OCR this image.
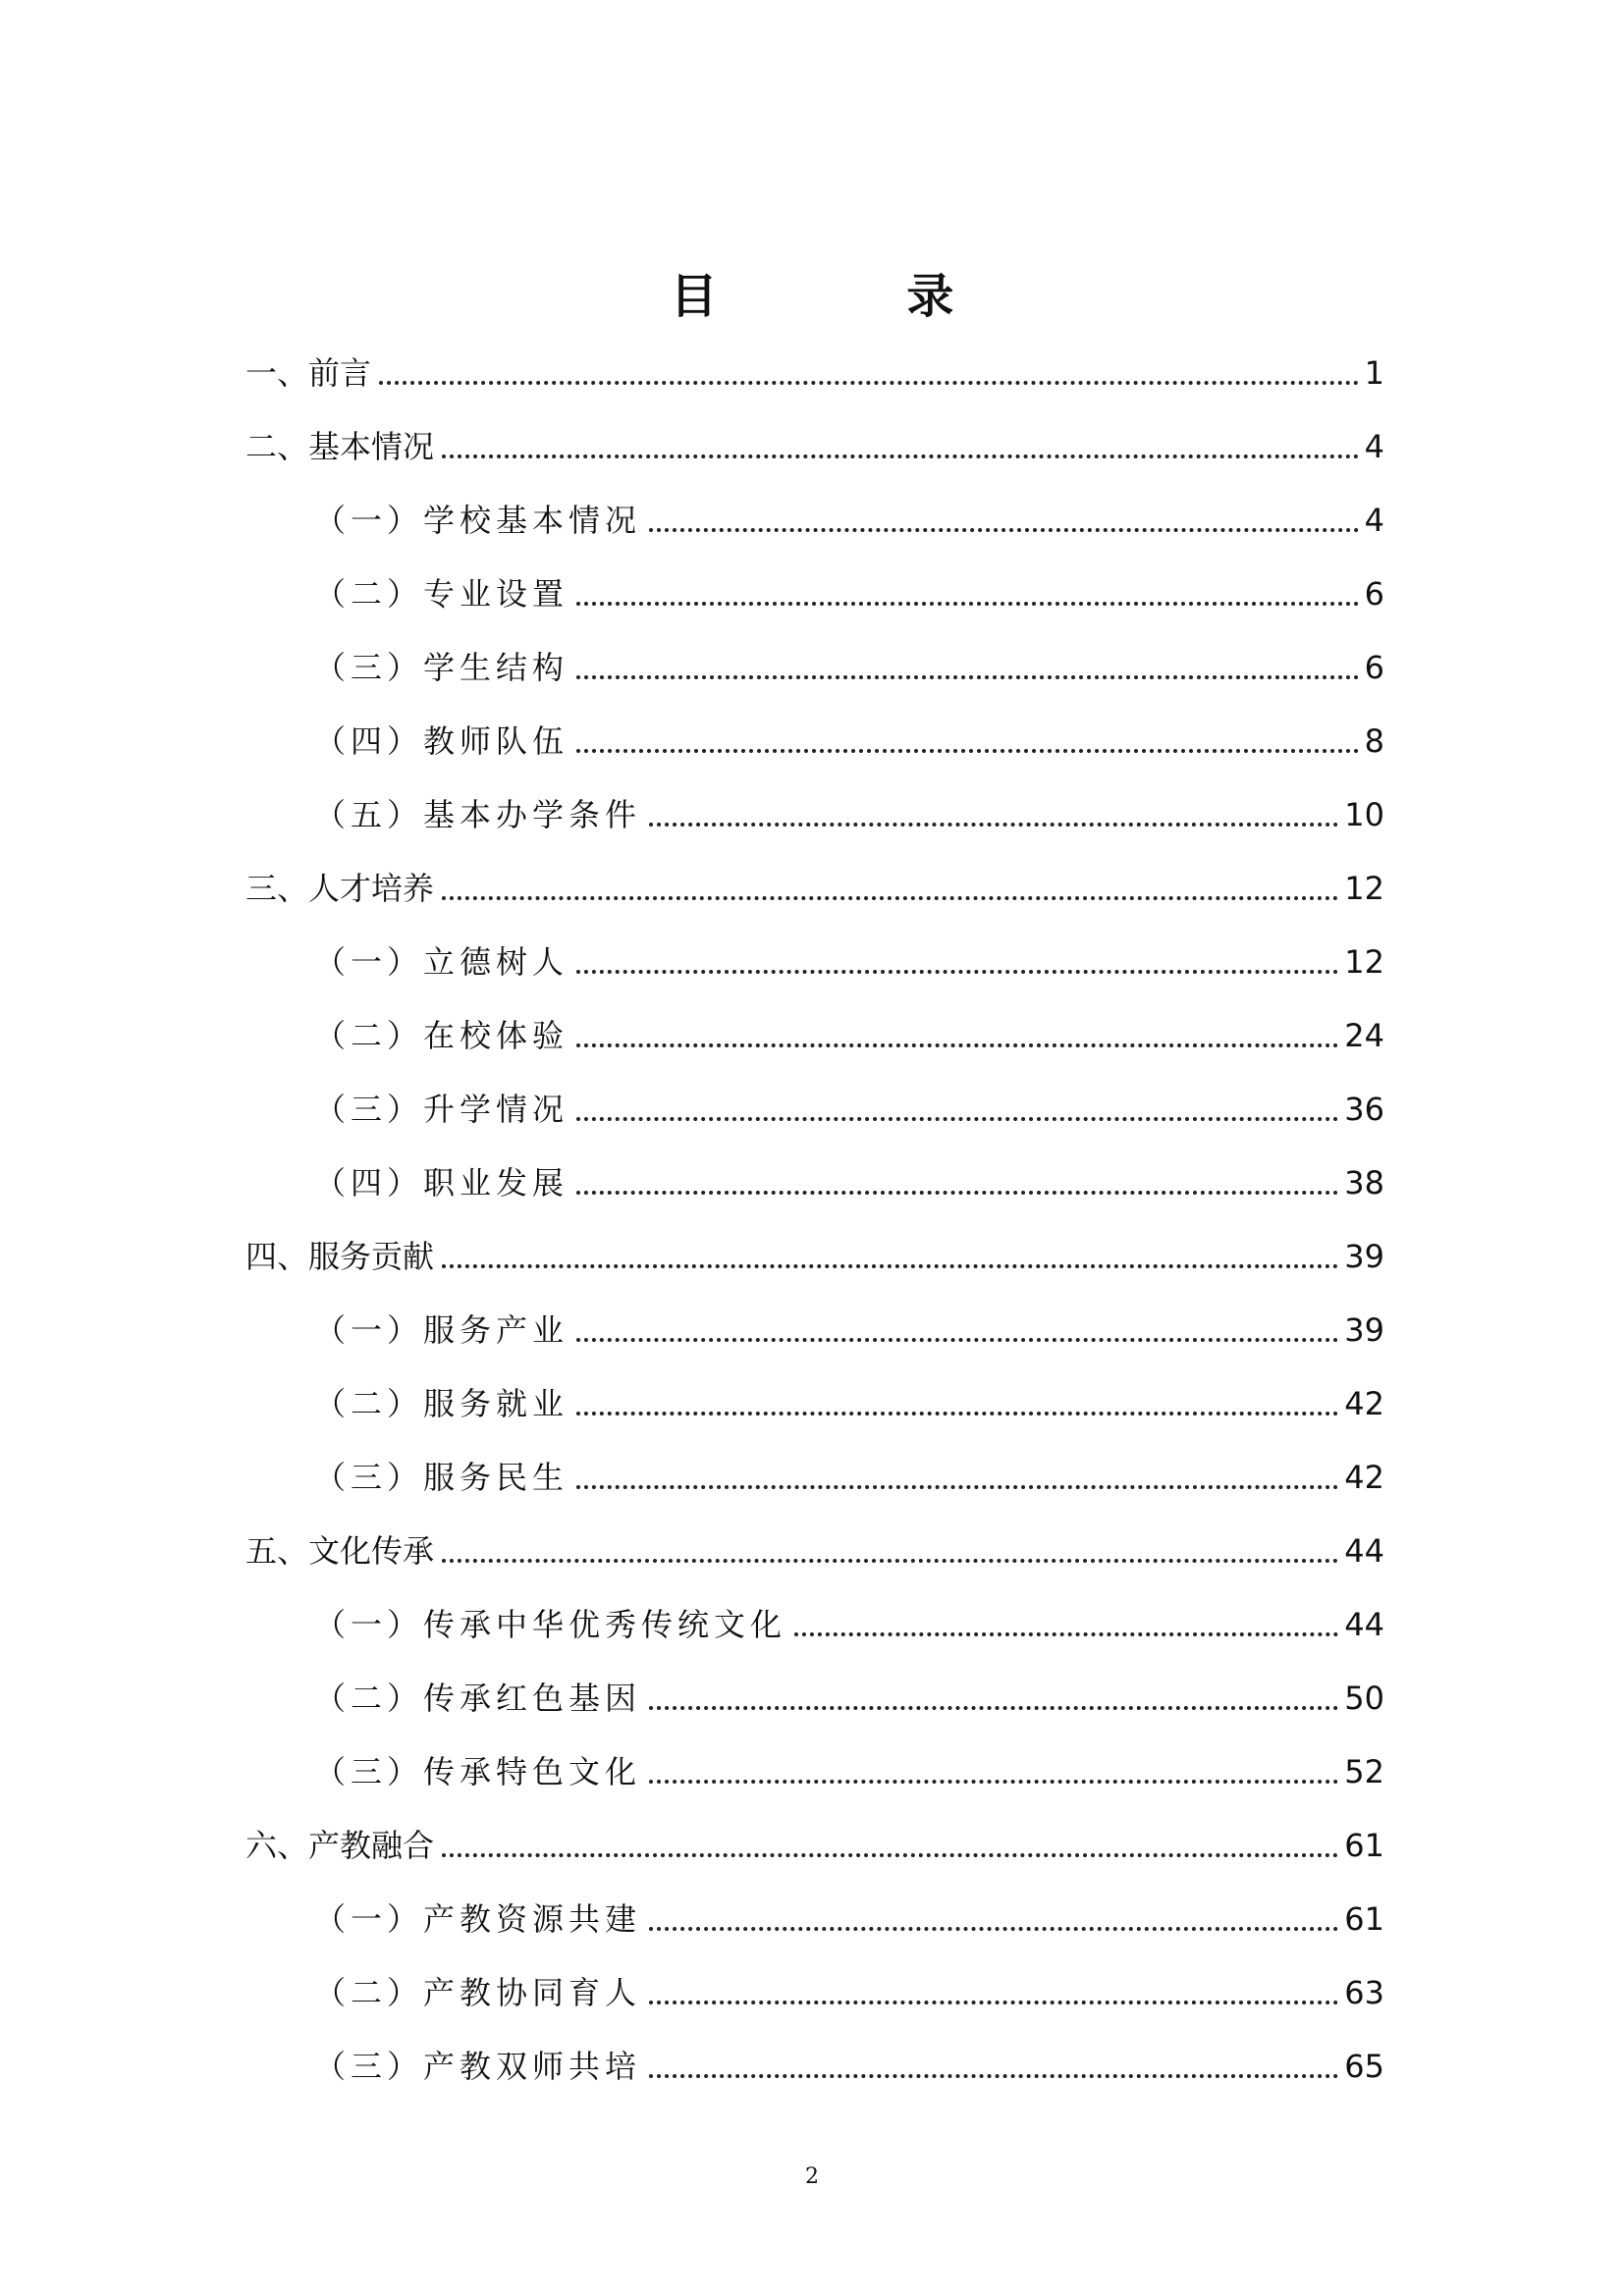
目 录
一、前言	1
二、基本情况	4
（一）学校基本情况	4
（二）专业设置	6
（三）学生结构	6
（四）教师队伍	8
（五）基本办学条件	10
三、人才培养	12
（一）立德树人	12
（二）在校体验	24
（三）升学情况	36
（四）职业发展	38
四、服务贡献	39
（一）服务产业	39
（二）服务就业	42
（三）服务民生	42
五、文化传承	44
（一）传承中华优秀传统文化	44
（二）传承红色基因	50
（三）传承特色文化	52
六、产教融合	61
（一）产教资源共建	61
（二）产教协同育人	63
（三）产教双师共培	65
2
